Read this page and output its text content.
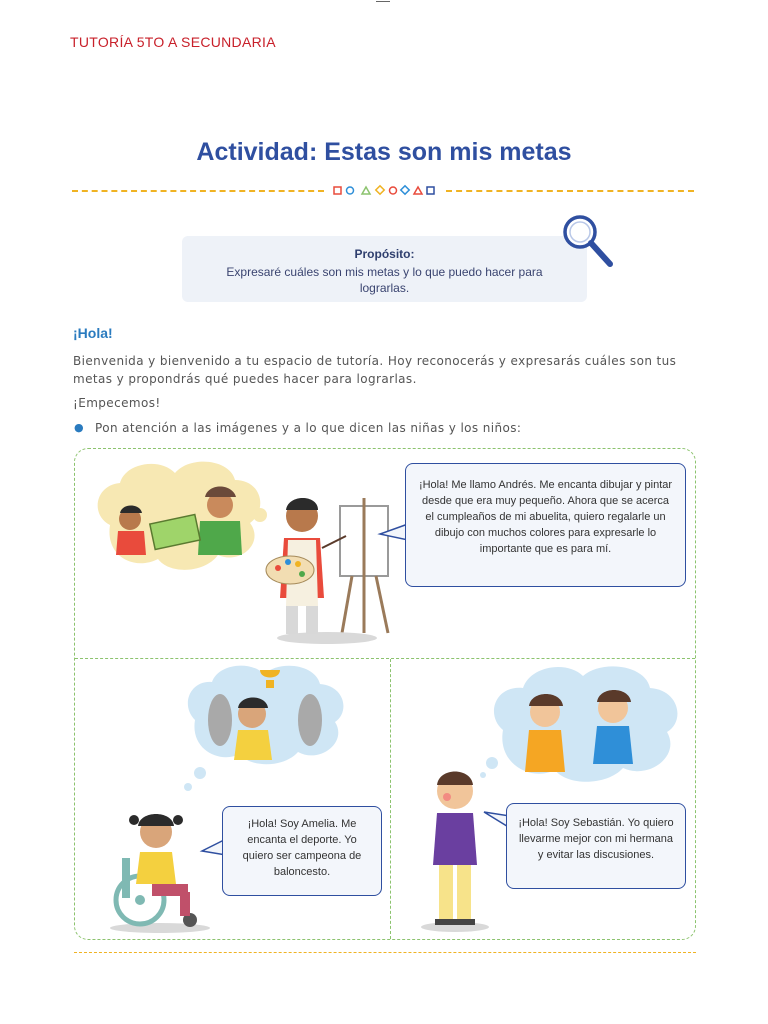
TUTORÍA 5TO A SECUNDARIA
Actividad: Estas son mis metas
Propósito:
Expresaré cuáles son mis metas y lo que puedo hacer para lograrlas.
¡Hola!
Bienvenida y bienvenido a tu espacio de tutoría. Hoy reconocerás y expresarás cuáles son tus metas y propondrás qué puedes hacer para lograrlas.
¡Empecemos!
● Pon atención a las imágenes y a lo que dicen las niñas y los niños:
¡Hola! Me llamo Andrés. Me encanta dibujar y pintar desde que era muy pequeño. Ahora que se acerca el cumpleaños de mi abuelita, quiero regalarle un dibujo con muchos colores para expresarle lo importante que es para mí.
¡Hola! Soy Amelia. Me encanta el deporte. Yo quiero ser campeona de baloncesto.
¡Hola! Soy Sebastián. Yo quiero llevarme mejor con mi hermana y evitar las discusiones.
